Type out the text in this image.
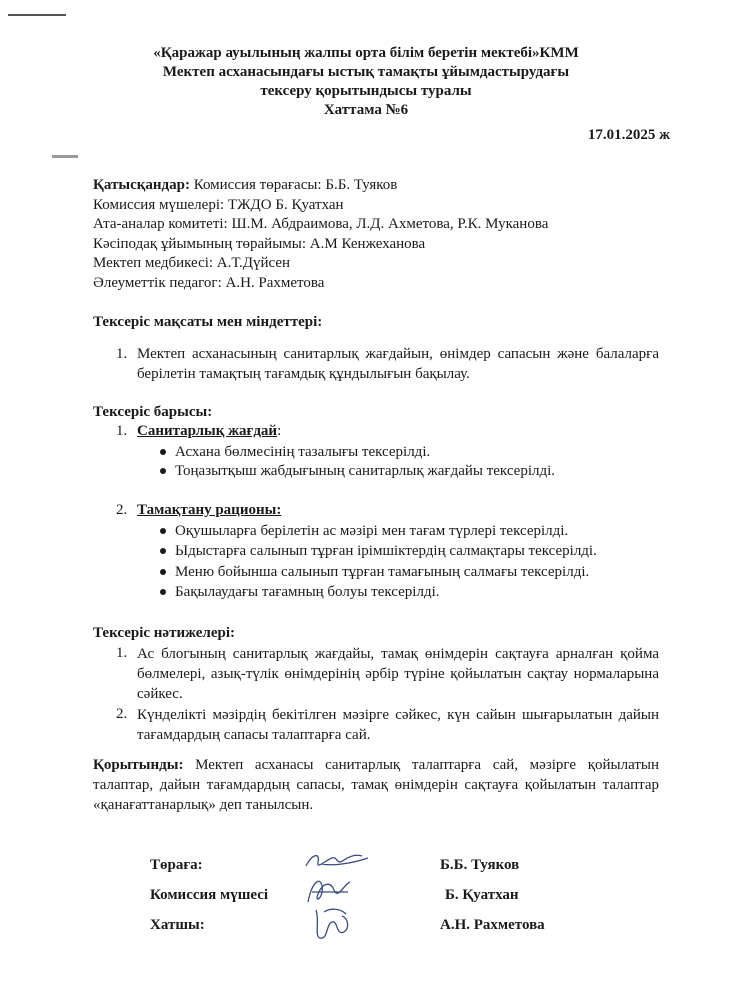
«Қаражар ауылының жалпы орта білім беретін мектебі»КММ
Мектеп асханасындағы ыстық тамақты ұйымдастырудағы
тексеру қорытындысы туралы
Хаттама №6
17.01.2025 ж
Қатысқандар: Комиссия төрағасы: Б.Б. Туяков
Комиссия мүшелері: ТЖДО Б. Қуатхан
Ата-аналар комитеті: Ш.М. Абдраимова, Л.Д. Ахметова, Р.К. Муканова
Кәсіподақ ұйымының төрайымы: А.М Кенжеханова
Мектеп медбикесі: А.Т.Дүйсен
Әлеуметтік педагог: А.Н. Рахметова
Тексеріс мақсаты мен міндеттері:
1. Мектеп асханасының санитарлық жағдайын, өнімдер сапасын және балаларға берілетін тамақтың тағамдық құндылығын бақылау.
Тексеріс барысы:
1. Санитарлық жағдай:
Асхана бөлмесінің тазалығы тексерілді.
Тоңазытқыш жабдығының санитарлық жағдайы тексерілді.
2. Тамақтану рационы:
Оқушыларға берілетін ас мәзірі мен тағам түрлері тексерілді.
Ыдыстарға салынып тұрған ірімшіктердің салмақтары тексерілді.
Меню бойынша салынып тұрған тамағының салмағы тексерілді.
Бақылаудағы тағамның болуы тексерілді.
Тексеріс нәтижелері:
1. Ас блогының санитарлық жағдайы, тамақ өнімдерін сақтауға арналған қойма бөлмелері, азық-түлік өнімдерінің әрбір түріне қойылатын сақтау нормаларына сәйкес.
2. Күнделікті мәзірдің бекітілген мәзірге сәйкес, күн сайын шығарылатын дайын тағамдардың сапасы талаптарға сай.
Қорытынды: Мектеп асханасы санитарлық талаптарға сай, мәзірге қойылатын талаптар, дайын тағамдардың сапасы, тамақ өнімдерін сақтауға қойылатын талаптар «қанағаттанарлық» деп танылсын.
Төраға:	Б.Б. Туяков
Комиссия мүшесі	Б. Қуатхан
Хатшы:	А.Н. Рахметова
